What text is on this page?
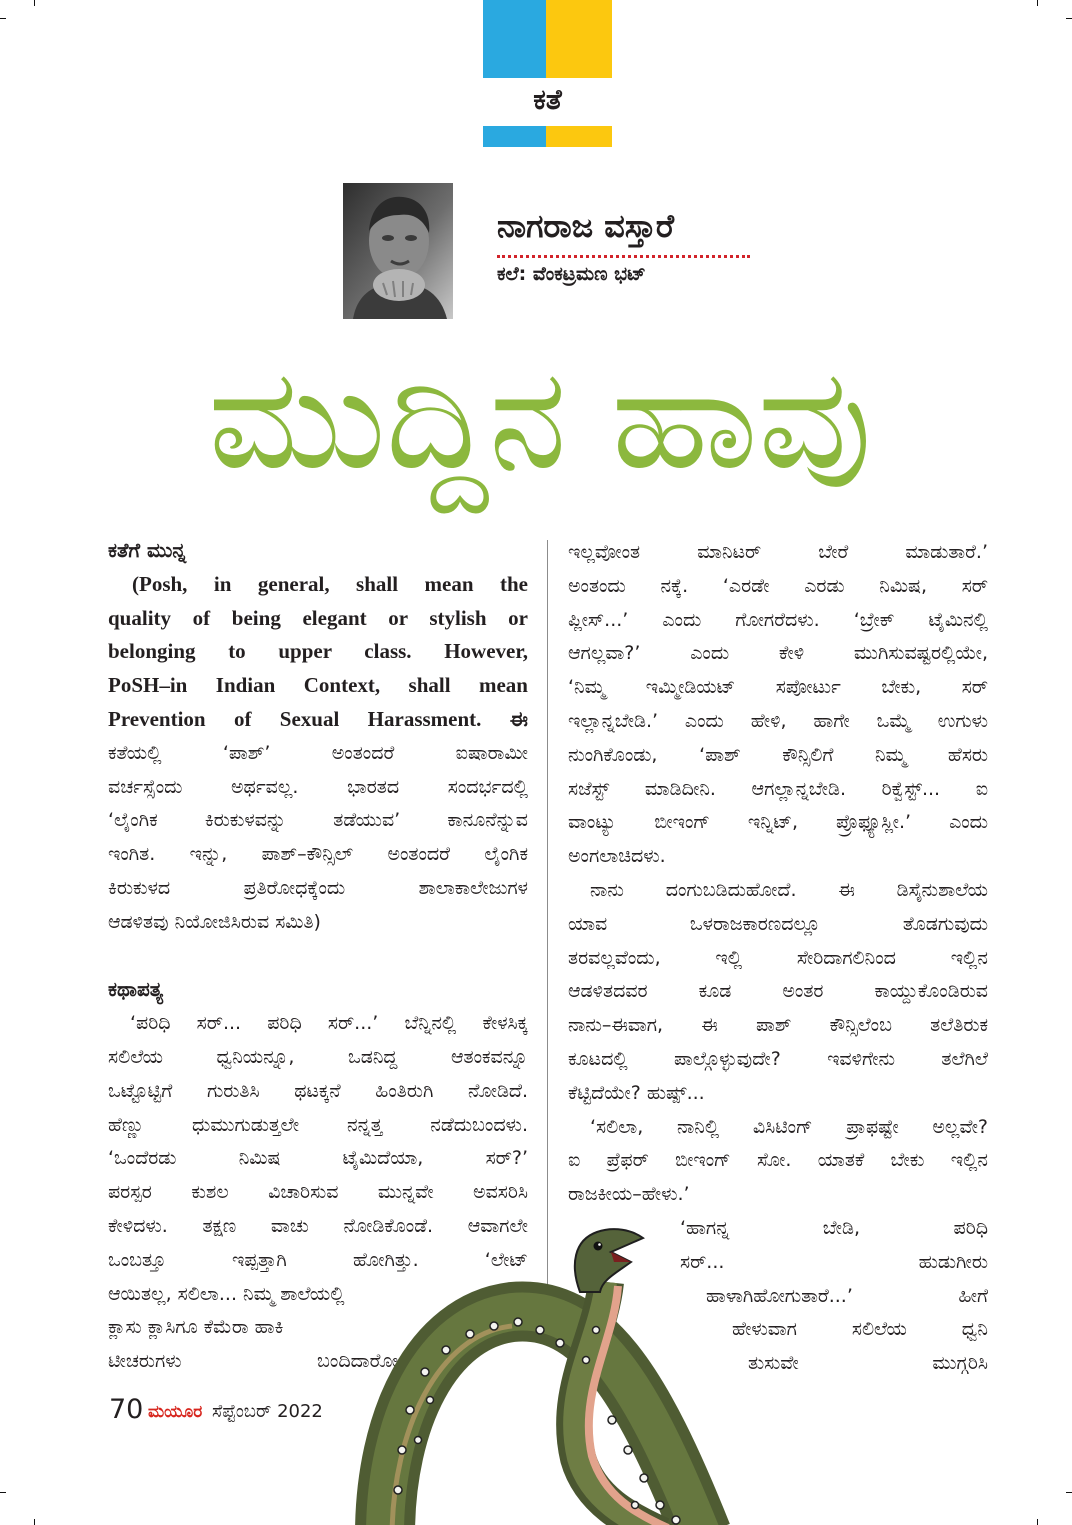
ಕತೆ
ನಾಗರಾಜ ವಸ್ತಾರೆ
ಕಲೆ: ವೆಂಕಟ್ರಮಣ ಭಟ್
ಮುದ್ದಿನ ಹಾವು
ಕತೆಗೆ ಮುನ್ನ
(Posh, in general, shall mean the
quality of being elegant or stylish or
belonging to upper class. However,
PoSH–in Indian Context, shall mean
Prevention of Sexual Harassment. ಈ
ಕತೆಯಲ್ಲಿ ‘ಪಾಶ್’ ಅಂತಂದರೆ ಐಷಾರಾಮೀ
ವರ್ಚಸ್ಸೆಂದು ಅರ್ಥವಲ್ಲ. ಭಾರತದ ಸಂದರ್ಭದಲ್ಲಿ
‘ಲೈಂಗಿಕ ಕಿರುಕುಳವನ್ನು ತಡೆಯುವ’ ಕಾನೂನೆನ್ನುವ
ಇಂಗಿತ. ಇನ್ನು, ಪಾಶ್–ಕೌನ್ಸಿಲ್ ಅಂತಂದರೆ ಲೈಂಗಿಕ
ಕಿರುಕುಳದ ಪ್ರತಿರೋಧಕ್ಕೆಂದು ಶಾಲಾಕಾಲೇಜುಗಳ
ಆಡಳಿತವು ನಿಯೋಜಿಸಿರುವ ಸಮಿತಿ)
ಕಥಾಪತ್ಯ
‘ಪರಿಧಿ ಸರ್... ಪರಿಧಿ ಸರ್...’ ಬೆನ್ನಿನಲ್ಲಿ ಕೇಳಸಿಕ್ಕ
ಸಲಿಲೆಯ ಧ್ವನಿಯನ್ನೂ, ಒಡನಿದ್ದ ಆತಂಕವನ್ನೂ
ಒಟ್ಟೊಟ್ಟಿಗೆ ಗುರುತಿಸಿ ಥಟಕ್ಕನೆ ಹಿಂತಿರುಗಿ ನೋಡಿದೆ.
ಹೆಣ್ಣು ಧುಮುಗುಡುತ್ತಲೇ ನನ್ನತ್ತ ನಡೆದುಬಂದಳು.
‘ಒಂದೆರಡು ನಿಮಿಷ ಟೈಮಿದೆಯಾ, ಸರ್?’
ಪರಸ್ಪರ ಕುಶಲ ವಿಚಾರಿಸುವ ಮುನ್ನವೇ ಅವಸರಿಸಿ
ಕೇಳಿದಳು. ತಕ್ಷಣ ವಾಚು ನೋಡಿಕೊಂಡೆ. ಆವಾಗಲೇ
ಒಂಬತ್ತೂ ಇಪ್ಪತ್ತಾಗಿ ಹೋಗಿತ್ತು. ‘ಲೇಟ್
ಆಯಿತಲ್ಲ, ಸಲಿಲಾ... ನಿಮ್ಮ ಶಾಲೆಯಲ್ಲಿ
ಕ್ಲಾಸು ಕ್ಲಾಸಿಗೂ ಕೆಮೆರಾ ಹಾಕಿ
ಟೀಚರುಗಳು ಬಂದಿದಾರೋ
ಇಲ್ಲವೋಂತ ಮಾನಿಟರ್ ಬೇರೆ ಮಾಡುತಾರೆ.’
ಅಂತಂದು ನಕ್ಕೆ. ‘ಎರಡೇ ಎರಡು ನಿಮಿಷ, ಸರ್
ಪ್ಲೀಸ್...’ ಎಂದು ಗೋಗರೆದಳು. ‘ಬ್ರೇಕ್ ಟೈಮಿನಲ್ಲಿ
ಆಗಲ್ಲವಾ?’ ಎಂದು ಕೇಳಿ ಮುಗಿಸುವಷ್ಟರಲ್ಲಿಯೇ,
‘ನಿಮ್ಮ ಇಮ್ಮೀಡಿಯಟ್ ಸಪೋರ್ಟು ಬೇಕು, ಸರ್
ಇಲ್ಲಾನ್ನಬೇಡಿ.’ ಎಂದು ಹೇಳಿ, ಹಾಗೇ ಒಮ್ಮೆ ಉಗುಳು
ನುಂಗಿಕೊಂಡು, ‘ಪಾಶ್ ಕೌನ್ಸಿಲಿಗೆ ನಿಮ್ಮ ಹೆಸರು
ಸಜೆಸ್ಟ್ ಮಾಡಿದೀನಿ. ಆಗಲ್ಲಾನ್ನಬೇಡಿ. ರಿಕ್ವೆಸ್ಟ್... ಐ
ವಾಂಟ್ಯು ಬೀಇಂಗ್ ಇನ್ನಿಟ್, ಪ್ರೊಫ್ಯೂಸ್ಲೀ.’ ಎಂದು
ಅಂಗಲಾಚಿದಳು.
ನಾನು ದಂಗುಬಡಿದುಹೋದೆ. ಈ ಡಿಸೈನುಶಾಲೆಯ
ಯಾವ ಒಳರಾಜಕಾರಣದಲ್ಲೂ ತೊಡಗುವುದು
ತರವಲ್ಲವೆಂದು, ಇಲ್ಲಿ ಸೇರಿದಾಗಲಿನಿಂದ ಇಲ್ಲಿನ
ಆಡಳಿತದವರ ಕೂಡ ಅಂತರ ಕಾಯ್ದುಕೊಂಡಿರುವ
ನಾನು–ಈವಾಗ, ಈ ಪಾಶ್ ಕೌನ್ಸಿಲೆಂಬ ತಲೆತಿರುಕ
ಕೂಟದಲ್ಲಿ ಪಾಲ್ಗೊಳ್ಳುವುದೇ? ಇವಳಿಗೇನು ತಲೆಗಿಲೆ
ಕೆಟ್ಟಿದೆಯೇ? ಹುಷ್ಪ್...
‘ಸಲಿಲಾ, ನಾನಿಲ್ಲಿ ವಿಸಿಟಿಂಗ್ ಪ್ರಾಫಷ್ಟೇ ಅಲ್ಲವೇ?
ಐ ಪ್ರೆಫರ್ ಬೀಇಂಗ್ ಸೋ. ಯಾತಕೆ ಬೇಕು ಇಲ್ಲಿನ
ರಾಜಕೀಯ–ಹೇಳು.’
‘ಹಾಗನ್ನ ಬೇಡಿ, ಪರಿಧಿ
ಸರ್... ಹುಡುಗೀರು
ಹಾಳಾಗಿಹೋಗುತಾರೆ...’ ಹೀಗೆ
ಹೇಳುವಾಗ ಸಲಿಲೆಯ ಧ್ವನಿ
ತುಸುವೇ ಮುಗ್ಗರಿಸಿ
70 ಮಯೂರ ಸೆಪ್ಟೆಂಬರ್ 2022
